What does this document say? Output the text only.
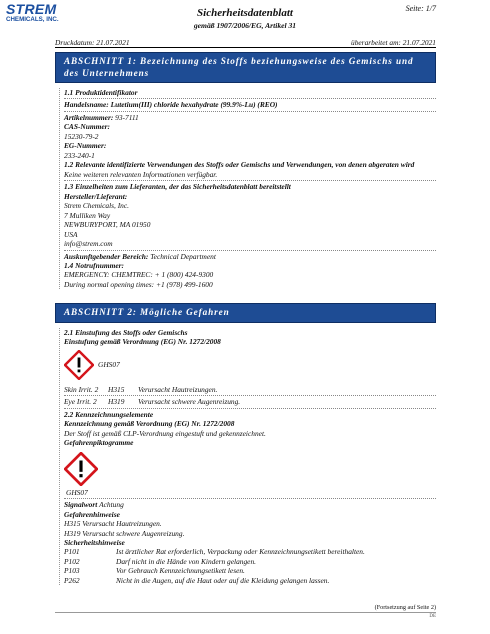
STREM
CHEMICALS, INC.
Sicherheitsdatenblatt
gemäß 1907/2006/EG, Artikel 31
Seite: 1/7
Druckdatum: 21.07.2021	überarbeitet am: 21.07.2021
ABSCHNITT 1: Bezeichnung des Stoffs beziehungsweise des Gemischs und des Unternehmens
1.1 Produktidentifikator
Handelsname: Lutetium(III) chloride hexahydrate (99.9%-Lu) (REO)
Artikelnummer: 93-7111
CAS-Nummer:
15230-79-2
EG-Nummer:
233-240-1
1.2 Relevante identifizierte Verwendungen des Stoffs oder Gemischs und Verwendungen, von denen abgeraten wird
Keine weiteren relevanten Informationen verfügbar.
1.3 Einzelheiten zum Lieferanten, der das Sicherheitsdatenblatt bereitstellt
Hersteller/Lieferant:
Strem Chemicals, Inc.
7 Mulliken Way
NEWBURYPORT, MA 01950
USA
info@strem.com
Auskunftgebender Bereich: Technical Department
1.4 Notrufnummer:
EMERGENCY: CHEMTREC: + 1 (800) 424-9300
During normal opening times: +1 (978) 499-1600
ABSCHNITT 2: Mögliche Gefahren
2.1 Einstufung des Stoffs oder Gemischs
Einstufung gemäß Verordnung (EG) Nr. 1272/2008
GHS07
Skin Irrit. 2	H315	Verursacht Hautreizungen.
Eye Irrit. 2	H319	Verursacht schwere Augenreizung.
2.2 Kennzeichnungselemente
Kennzeichnung gemäß Verordnung (EG) Nr. 1272/2008
Der Stoff ist gemäß CLP-Verordnung eingestuft und gekennzeichnet.
Gefahrenpiktogramme
GHS07
Signalwort Achtung
Gefahrenhinweise
H315 Verursacht Hautreizungen.
H319 Verursacht schwere Augenreizung.
Sicherheitshinweise
P101	Ist ärztlicher Rat erforderlich, Verpackung oder Kennzeichnungsetikett bereithalten.
P102	Darf nicht in die Hände von Kindern gelangen.
P103	Vor Gebrauch Kennzeichnungsetikett lesen.
P262	Nicht in die Augen, auf die Haut oder auf die Kleidung gelangen lassen.
(Fortsetzung auf Seite 2)
DE
